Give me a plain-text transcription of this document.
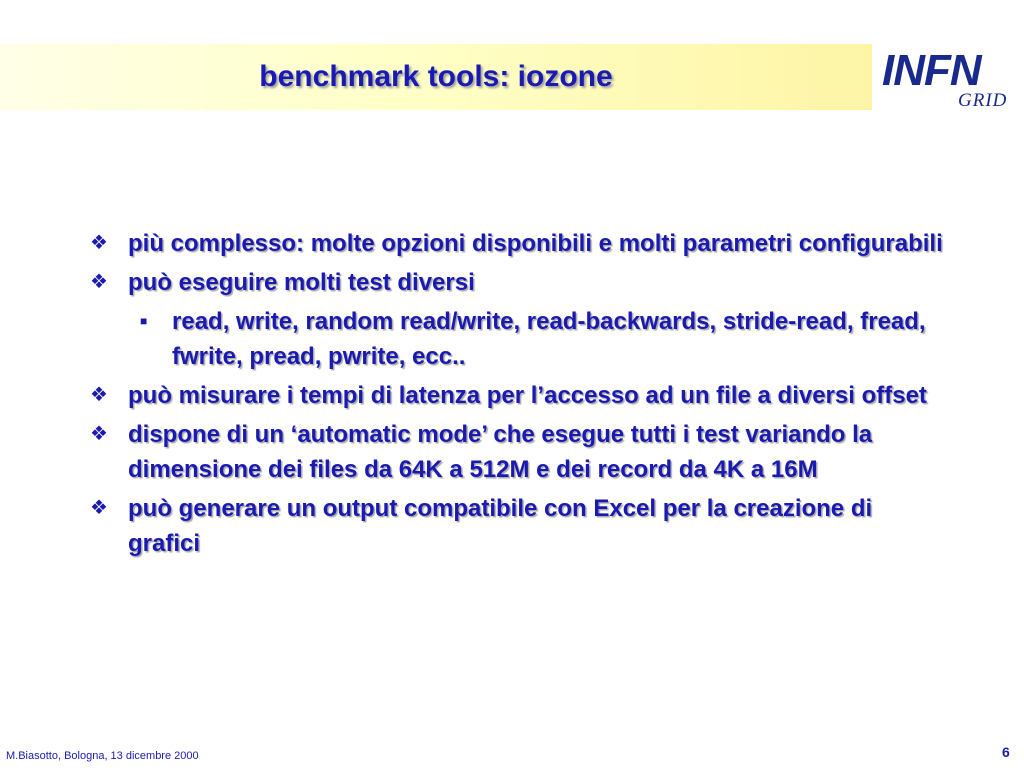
benchmark tools: iozone	INFN
GRID
❖ più complesso: molte opzioni disponibili e molti parametri configurabili
❖ può eseguire molti test diversi
■	read, write, random read/write, read-backwards, stride-read, fread, fwrite, pread, pwrite, ecc..
❖ può misurare i tempi di latenza per l’accesso ad un file a diversi offset
❖ dispone di un ‘automatic mode’ che esegue tutti i test variando la dimensione dei files da 64K a 512M e dei record da 4K a 16M
❖ può generare un output compatibile con Excel per la creazione di grafici
M.Biasotto, Bologna, 13 dicembre 2000	6
